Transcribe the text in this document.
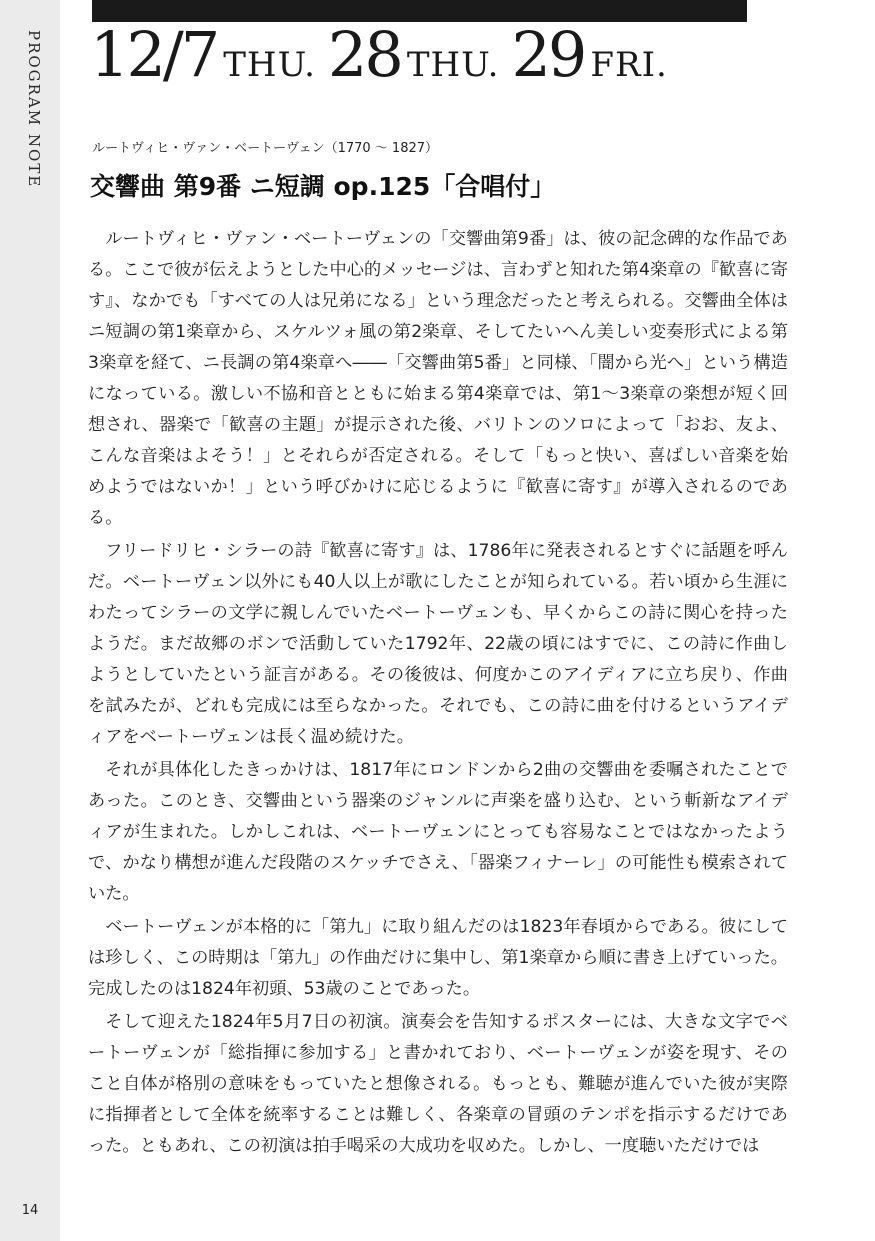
PROGRAM NOTE
14
12/7 THU. 28 THU. 29 FRI.
ルートヴィヒ・ヴァン・ベートーヴェン（1770 〜 1827）
交響曲 第9番 ニ短調 op.125「合唱付」

ルートヴィヒ・ヴァン・ベートーヴェンの「交響曲第9番」は、彼の記念碑的な作品である。ここで彼が伝えようとした中心的メッセージは、言わずと知れた第4楽章の『歓喜に寄す』、なかでも「すべての人は兄弟になる」という理念だったと考えられる。交響曲全体はニ短調の第1楽章から、スケルツォ風の第2楽章、そしてたいへん美しい変奏形式による第3楽章を経て、ニ長調の第4楽章へ――「交響曲第5番」と同様、「闇から光へ」という構造になっている。激しい不協和音とともに始まる第4楽章では、第1〜3楽章の楽想が短く回想され、器楽で「歓喜の主題」が提示された後、バリトンのソロによって「おお、友よ、こんな音楽はよそう！」とそれらが否定される。そして「もっと快い、喜ばしい音楽を始めようではないか！」という呼びかけに応じるように『歓喜に寄す』が導入されるのである。

フリードリヒ・シラーの詩『歓喜に寄す』は、1786年に発表されるとすぐに話題を呼んだ。ベートーヴェン以外にも40人以上が歌にしたことが知られている。若い頃から生涯にわたってシラーの文学に親しんでいたベートーヴェンも、早くからこの詩に関心を持ったようだ。まだ故郷のボンで活動していた1792年、22歳の頃にはすでに、この詩に作曲しようとしていたという証言がある。その後彼は、何度かこのアイディアに立ち戻り、作曲を試みたが、どれも完成には至らなかった。それでも、この詩に曲を付けるというアイディアをベートーヴェンは長く温め続けた。

それが具体化したきっかけは、1817年にロンドンから2曲の交響曲を委嘱されたことであった。このとき、交響曲という器楽のジャンルに声楽を盛り込む、という斬新なアイディアが生まれた。しかしこれは、ベートーヴェンにとっても容易なことではなかったようで、かなり構想が進んだ段階のスケッチでさえ、「器楽フィナーレ」の可能性も模索されていた。

ベートーヴェンが本格的に「第九」に取り組んだのは1823年春頃からである。彼にしては珍しく、この時期は「第九」の作曲だけに集中し、第1楽章から順に書き上げていった。完成したのは1824年初頭、53歳のことであった。

そして迎えた1824年5月7日の初演。演奏会を告知するポスターには、大きな文字でベートーヴェンが「総指揮に参加する」と書かれており、ベートーヴェンが姿を現す、そのこと自体が格別の意味をもっていたと想像される。もっとも、難聴が進んでいた彼が実際に指揮者として全体を統率することは難しく、各楽章の冒頭のテンポを指示するだけであった。ともあれ、この初演は拍手喝采の大成功を収めた。しかし、一度聴いただけでは
